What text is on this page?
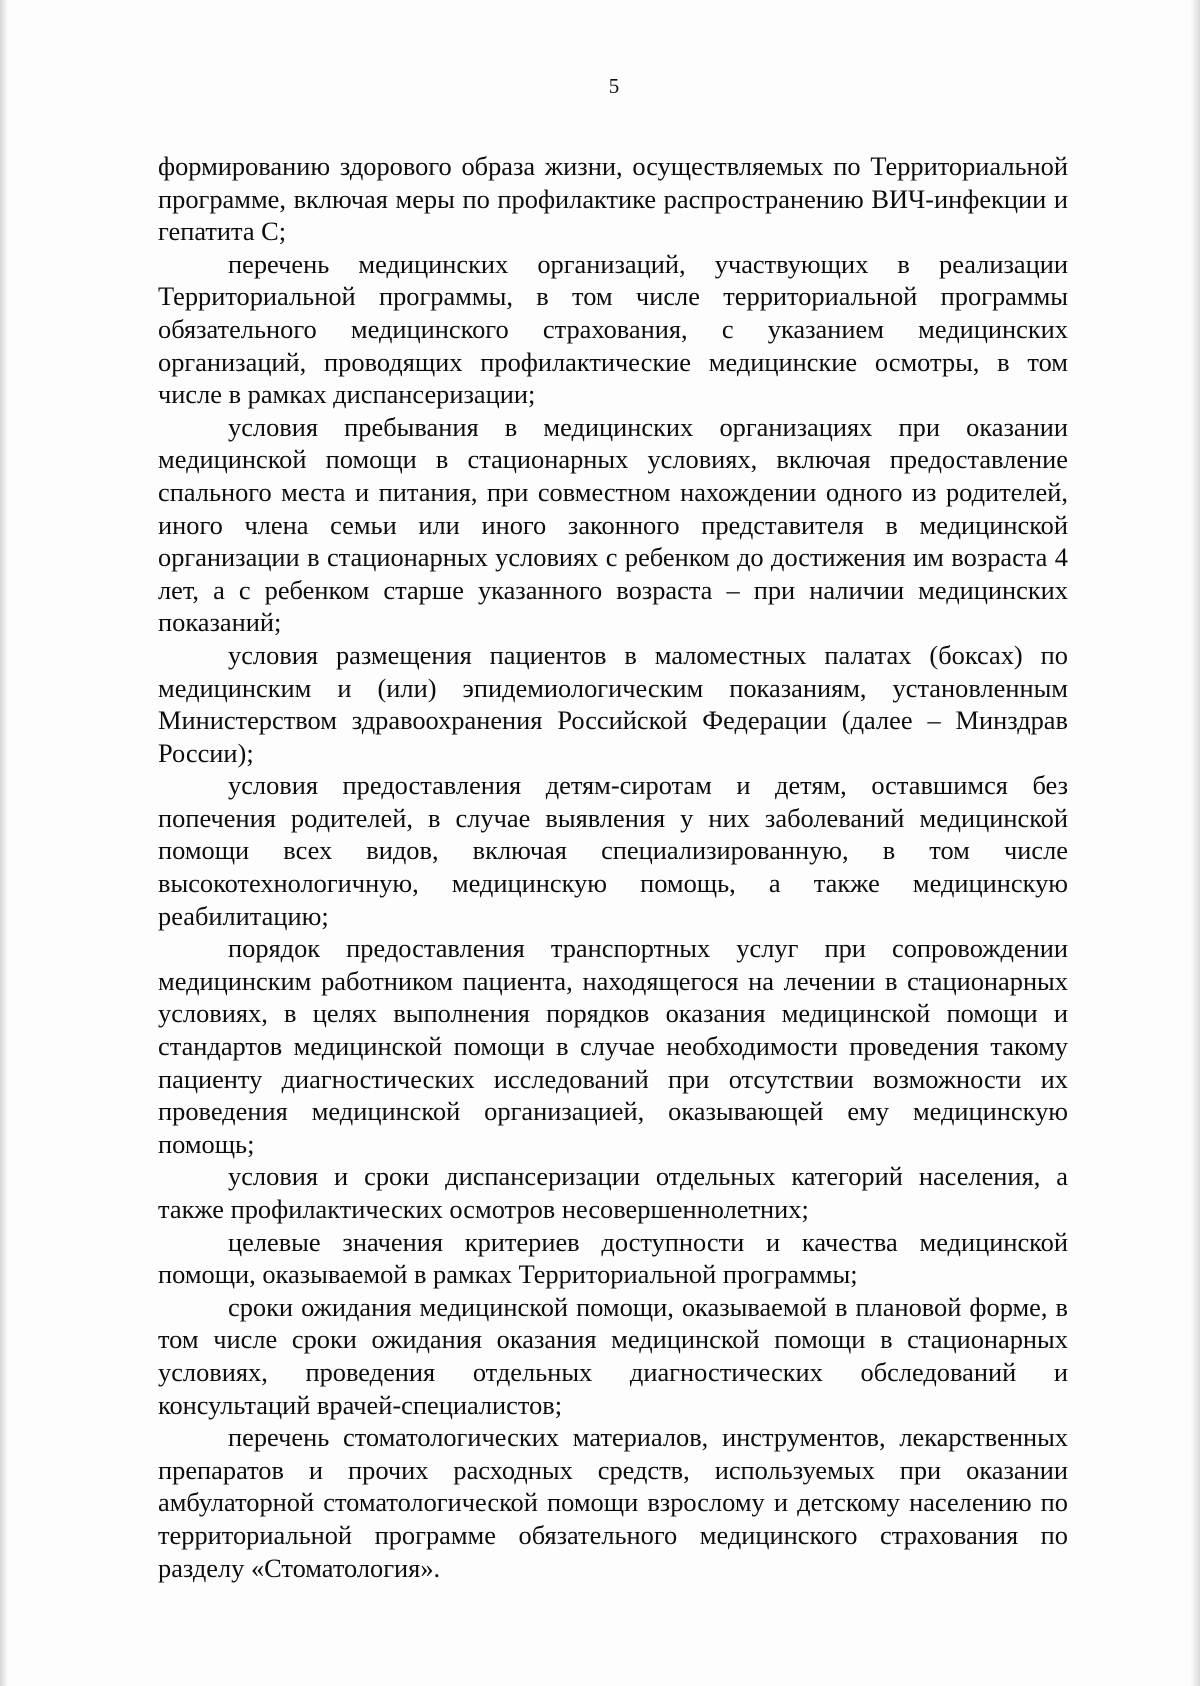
5

формированию здорового образа жизни, осуществляемых по Территориальной программе, включая меры по профилактике распространению ВИЧ-инфекции и гепатита С;

перечень медицинских организаций, участвующих в реализации Территориальной программы, в том числе территориальной программы обязательного медицинского страхования, с указанием медицинских организаций, проводящих профилактические медицинские осмотры, в том числе в рамках диспансеризации;

условия пребывания в медицинских организациях при оказании медицинской помощи в стационарных условиях, включая предоставление спального места и питания, при совместном нахождении одного из родителей, иного члена семьи или иного законного представителя в медицинской организации в стационарных условиях с ребенком до достижения им возраста 4 лет, а с ребенком старше указанного возраста – при наличии медицинских показаний;

условия размещения пациентов в маломестных палатах (боксах) по медицинским и (или) эпидемиологическим показаниям, установленным Министерством здравоохранения Российской Федерации (далее – Минздрав России);

условия предоставления детям-сиротам и детям, оставшимся без попечения родителей, в случае выявления у них заболеваний медицинской помощи всех видов, включая специализированную, в том числе высокотехнологичную, медицинскую помощь, а также медицинскую реабилитацию;

порядок предоставления транспортных услуг при сопровождении медицинским работником пациента, находящегося на лечении в стационарных условиях, в целях выполнения порядков оказания медицинской помощи и стандартов медицинской помощи в случае необходимости проведения такому пациенту диагностических исследований при отсутствии возможности их проведения медицинской организацией, оказывающей ему медицинскую помощь;

условия и сроки диспансеризации отдельных категорий населения, а также профилактических осмотров несовершеннолетних;

целевые значения критериев доступности и качества медицинской помощи, оказываемой в рамках Территориальной программы;

сроки ожидания медицинской помощи, оказываемой в плановой форме, в том числе сроки ожидания оказания медицинской помощи в стационарных условиях, проведения отдельных диагностических обследований и консультаций врачей-специалистов;

перечень стоматологических материалов, инструментов, лекарственных препаратов и прочих расходных средств, используемых при оказании амбулаторной стоматологической помощи взрослому и детскому населению по территориальной программе обязательного медицинского страхования по разделу «Стоматология».
